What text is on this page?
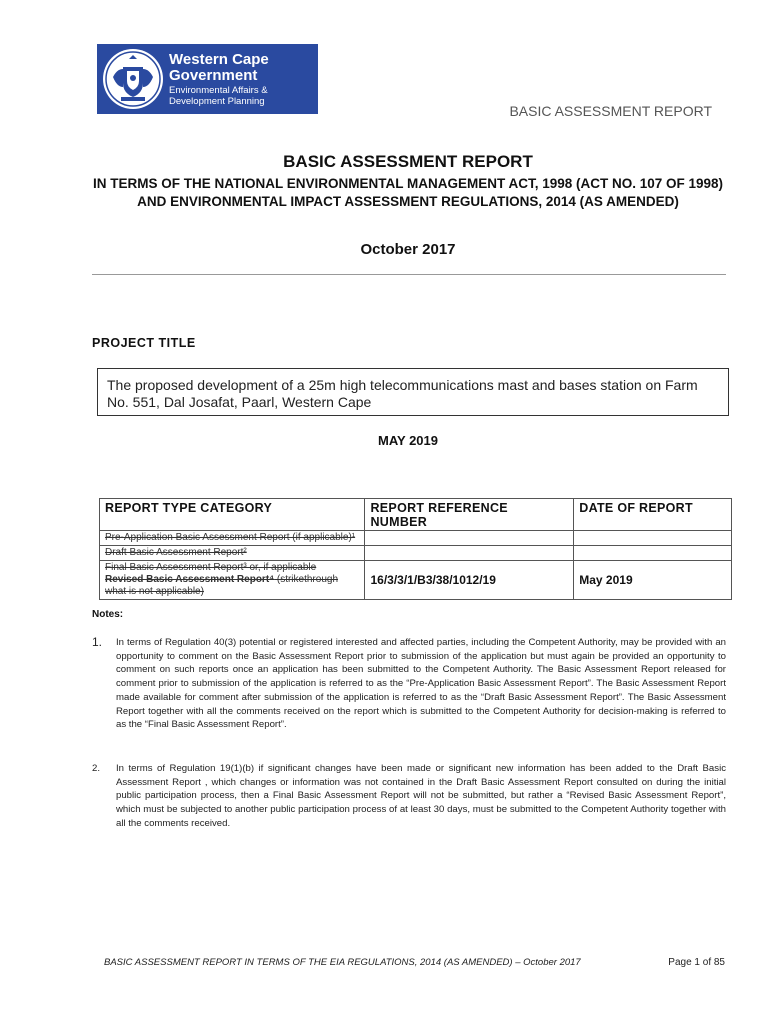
Western Cape
Government
Environmental Affairs &
Development Planning
BASIC ASSESSMENT REPORT
BASIC ASSESSMENT REPORT
IN TERMS OF THE NATIONAL ENVIRONMENTAL MANAGEMENT ACT, 1998 (ACT NO. 107 OF 1998) AND ENVIRONMENTAL IMPACT ASSESSMENT REGULATIONS, 2014 (AS AMENDED)
October 2017
PROJECT TITLE
The proposed development of a 25m high telecommunications mast and bases station on Farm No. 551, Dal Josafat, Paarl, Western Cape
MAY 2019
REPORT TYPE CATEGORY	REPORT REFERENCE NUMBER	DATE OF REPORT
Pre-Application Basic Assessment Report (if applicable)¹		
Draft Basic Assessment Report²		
Final Basic Assessment Report³ or, if applicable
Revised Basic Assessment Report⁴ (strikethrough what is not applicable)	16/3/3/1/B3/38/1012/19	May 2019
Notes:
1. In terms of Regulation 40(3) potential or registered interested and affected parties, including the Competent Authority, may be provided with an opportunity to comment on the Basic Assessment Report prior to submission of the application but must again be provided an opportunity to comment on such reports once an application has been submitted to the Competent Authority. The Basic Assessment Report released for comment prior to submission of the application is referred to as the “Pre-Application Basic Assessment Report”. The Basic Assessment Report made available for comment after submission of the application is referred to as the “Draft Basic Assessment Report”. The Basic Assessment Report together with all the comments received on the report which is submitted to the Competent Authority for decision-making is referred to as the “Final Basic Assessment Report”.
2. In terms of Regulation 19(1)(b) if significant changes have been made or significant new information has been added to the Draft Basic Assessment Report , which changes or information was not contained in the Draft Basic Assessment Report consulted on during the initial public participation process, then a Final Basic Assessment Report will not be submitted, but rather a “Revised Basic Assessment Report”, which must be subjected to another public participation process of at least 30 days, must be submitted to the Competent Authority together with all the comments received.
BASIC ASSESSMENT REPORT IN TERMS OF THE EIA REGULATIONS, 2014 (AS AMENDED) – October 2017	Page 1 of 85
